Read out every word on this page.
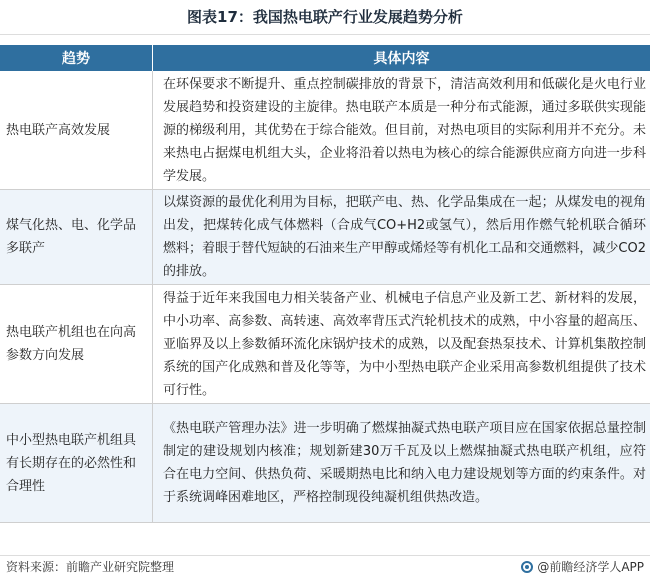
图表17：我国热电联产行业发展趋势分析
趋势	具体内容
热电联产高效发展	在环保要求不断提升、重点控制碳排放的背景下，清洁高效利用和低碳化是火电行业发展趋势和投资建设的主旋律。热电联产本质是一种分布式能源，通过多联供实现能源的梯级利用，其优势在于综合能效。但目前，对热电项目的实际利用并不充分。未来热电占据煤电机组大头，企业将沿着以热电为核心的综合能源供应商方向进一步科学发展。
煤气化热、电、化学品多联产	以煤资源的最优化利用为目标，把联产电、热、化学品集成在一起；从煤发电的视角出发，把煤转化成气体燃料（合成气CO+H2或氢气），然后用作燃气轮机联合循环燃料；着眼于替代短缺的石油来生产甲醇或烯烃等有机化工品和交通燃料，减少CO2的排放。
热电联产机组也在向高参数方向发展	得益于近年来我国电力相关装备产业、机械电子信息产业及新工艺、新材料的发展，中小功率、高参数、高转速、高效率背压式汽轮机技术的成熟，中小容量的超高压、亚临界及以上参数循环流化床锅炉技术的成熟，以及配套热泵技术、计算机集散控制系统的国产化成熟和普及化等等，为中小型热电联产企业采用高参数机组提供了技术可行性。
中小型热电联产机组具有长期存在的必然性和合理性	《热电联产管理办法》进一步明确了燃煤抽凝式热电联产项目应在国家依据总量控制制定的建设规划内核准；规划新建30万千瓦及以上燃煤抽凝式热电联产机组，应符合在电力空间、供热负荷、采暖期热电比和纳入电力建设规划等方面的约束条件。对于系统调峰困难地区，严格控制现役纯凝机组供热改造。
资料来源：前瞻产业研究院整理	@前瞻经济学人APP
